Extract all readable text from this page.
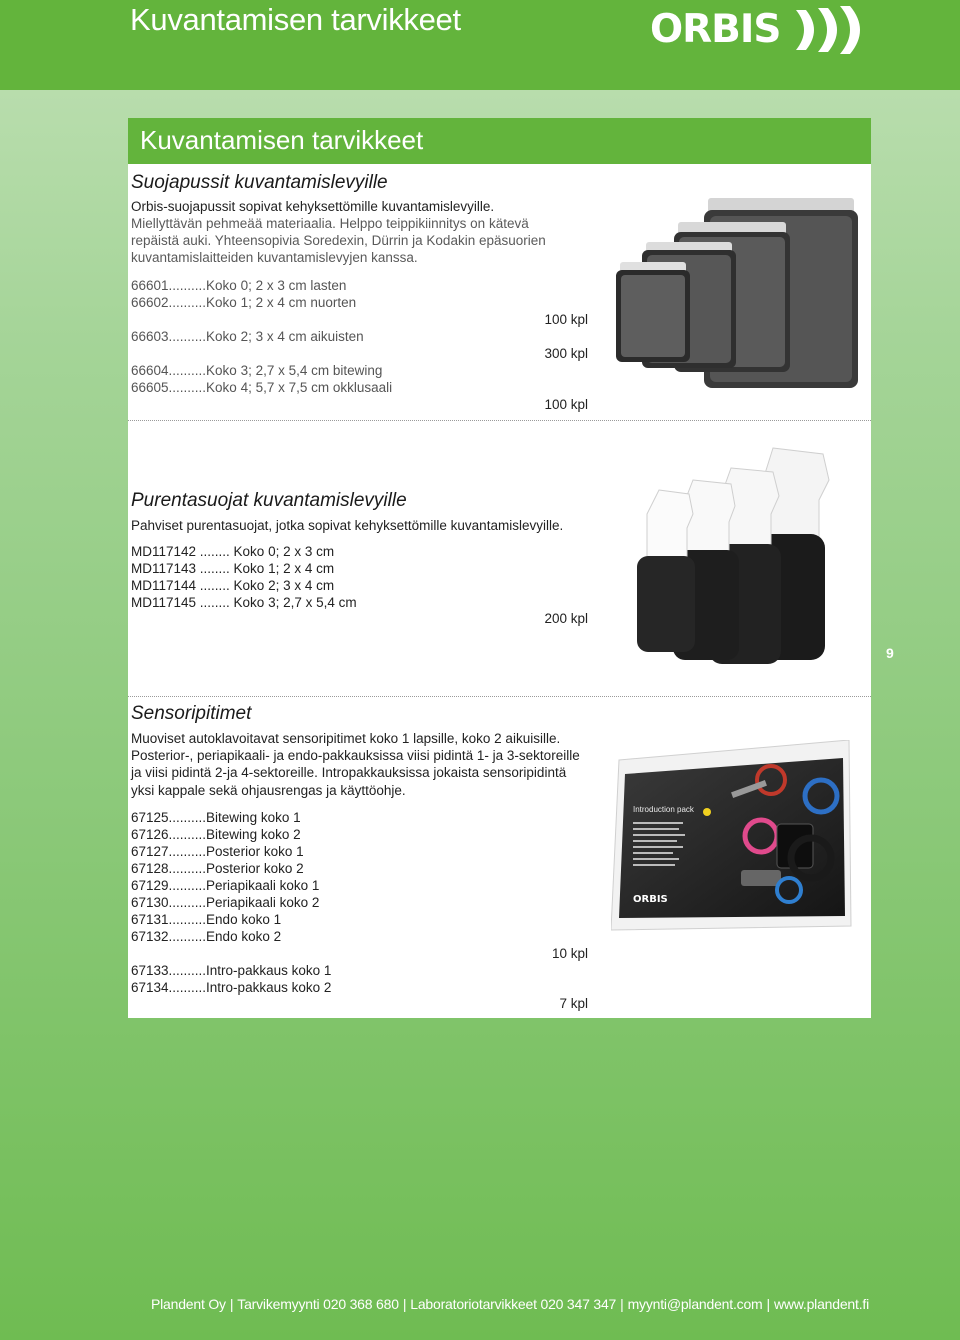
Kuvantamisen tarvikkeet	ORBIS
Kuvantamisen tarvikkeet
Suojapussit kuvantamislevyille

Orbis-suojapussit sopivat kehyksettömille kuvantamislevyille.

Miellyttävän pehmeää materiaalia. Helppo teippikiinnitys on kätevä repäistä auki. Yhteensopivia Soredexin, Dürrin ja Kodakin epäsuorien kuvantamislaitteiden kuvantamislevyjen kanssa.

66601..........Koko 0; 2 x 3 cm lasten
66602..........Koko 1; 2 x 4 cm nuorten
66603..........Koko 2; 3 x 4 cm aikuisten
66604..........Koko 3; 2,7 x 5,4 cm bitewing
66605..........Koko 4; 5,7 x 7,5 cm okklusaali
100 kpl
300 kpl
100 kpl
Purentasuojat kuvantamislevyille

Pahviset purentasuojat, jotka sopivat kehyksettömille kuvantamislevyille.

MD117142 ........ Koko 0; 2 x 3 cm
MD117143 ........ Koko 1; 2 x 4 cm
MD117144 ........ Koko 2; 3 x 4 cm
MD117145 ........ Koko 3; 2,7 x 5,4 cm
200 kpl
Sensoripitimet

Muoviset autoklavoitavat sensoripitimet koko 1 lapsille, koko 2 aikuisille. Posterior-, periapikaali- ja endo-pakkauksissa viisi pidintä 1- ja 3-sektoreille ja viisi pidintä 2-ja 4-sektoreille. Intropakkauksissa jokaista sensoripidintä yksi kappale sekä ohjausrengas ja käyttöohje.

67125..........Bitewing koko 1
67126..........Bitewing koko 2
67127..........Posterior koko 1
67128..........Posterior koko 2
67129..........Periapikaali koko 1
67130..........Periapikaali koko 2
67131..........Endo koko 1
67132..........Endo koko 2
67133..........Intro-pakkaus koko 1
67134..........Intro-pakkaus koko 2
10 kpl
7 kpl
Introduction pack
ORBIS
9
Plandent Oy | Tarvikemyynti 020 368 680 | Laboratoriotarvikkeet 020 347 347 | myynti@plandent.com | www.plandent.fi
